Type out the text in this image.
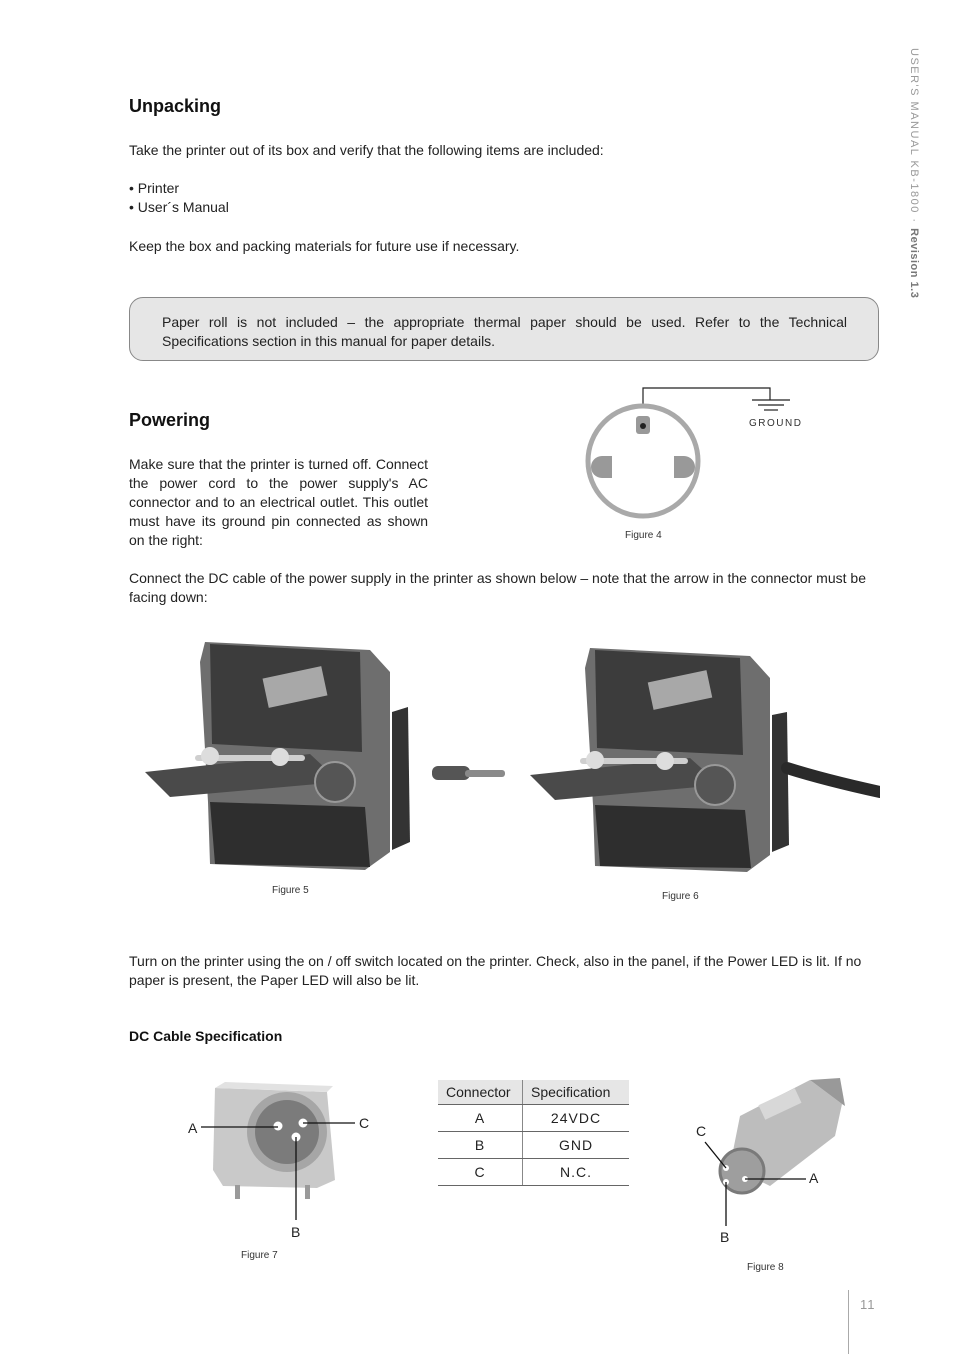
USER'S MANUAL KB-1800 · Revision 1.3
Unpacking
Take the printer out of its box and verify that the following items are included:
• Printer
• User´s Manual
Keep the box and packing materials for future use if necessary.
Paper roll is not included – the appropriate thermal paper should be used. Refer to the Technical Specifications section in this manual for paper details.
Powering
Make sure that the printer is turned off. Connect the power cord to the power supply's AC connector and to an electrical outlet. This outlet must have its ground pin connected as shown on the right:
GROUND
Figure 4
Connect the DC cable of the power supply in the printer as shown below – note that the arrow in the connector must be facing down:
Figure 5
Figure 6
Turn on the printer using the on / off switch located on the printer. Check, also in the panel, if the Power LED is lit. If no paper is present, the Paper LED will also be lit.
DC Cable Specification
A	C
B
Figure 7
Connector	Specification
A	24VDC
B	GND
C	N.C.
C
A
B
Figure 8
11
